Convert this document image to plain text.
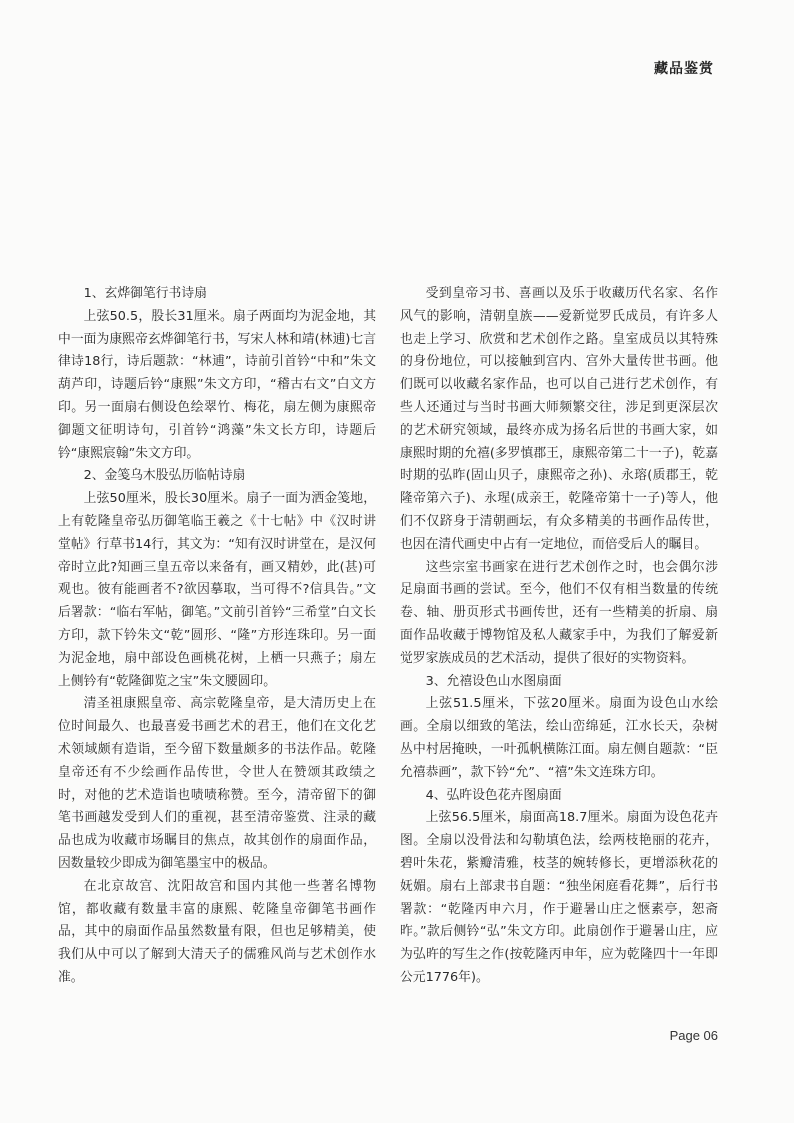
藏品鉴赏

1、玄烨御笔行书诗扇

上弦50.5，股长31厘米。扇子两面均为泥金地，其中一面为康熙帝玄烨御笔行书，写宋人林和靖(林逋)七言律诗18行，诗后题款：“林逋”，诗前引首钤“中和”朱文葫芦印，诗题后钤“康熙”朱文方印，“稽古右文”白文方印。另一面扇右侧设色绘翠竹、梅花，扇左侧为康熙帝御题文征明诗句，引首钤“鸿藻”朱文长方印，诗题后钤“康熙宸翰”朱文方印。

2、金笺乌木股弘历临帖诗扇

上弦50厘米，股长30厘米。扇子一面为洒金笺地，上有乾隆皇帝弘历御笔临王羲之《十七帖》中《汉时讲堂帖》行草书14行，其文为：“知有汉时讲堂在，是汉何帝时立此?知画三皇五帝以来备有，画又精妙，此(甚)可观也。彼有能画者不?欲因摹取，当可得不?信具告。”文后署款：“临右军帖，御笔。”文前引首钤“三希堂”白文长方印，款下钤朱文“乾”圆形、“隆”方形连珠印。另一面为泥金地，扇中部设色画桃花树，上栖一只燕子；扇左上侧钤有“乾隆御览之宝”朱文腰圆印。

清圣祖康熙皇帝、高宗乾隆皇帝，是大清历史上在位时间最久、也最喜爱书画艺术的君王，他们在文化艺术领域颇有造诣，至今留下数量颇多的书法作品。乾隆皇帝还有不少绘画作品传世，令世人在赞颂其政绩之时，对他的艺术造诣也啧啧称赞。至今，清帝留下的御笔书画越发受到人们的重视，甚至清帝鉴赏、注录的藏品也成为收藏市场瞩目的焦点，故其创作的扇面作品，因数量较少即成为御笔墨宝中的极品。

在北京故宫、沈阳故宫和国内其他一些著名博物馆，都收藏有数量丰富的康熙、乾隆皇帝御笔书画作品，其中的扇面作品虽然数量有限，但也足够精美，使我们从中可以了解到大清天子的儒雅风尚与艺术创作水准。

受到皇帝习书、喜画以及乐于收藏历代名家、名作风气的影响，清朝皇族——爱新觉罗氏成员，有许多人也走上学习、欣赏和艺术创作之路。皇室成员以其特殊的身份地位，可以接触到宫内、宫外大量传世书画。他们既可以收藏名家作品，也可以自己进行艺术创作，有些人还通过与当时书画大师频繁交往，涉足到更深层次的艺术研究领域，最终亦成为扬名后世的书画大家，如康熙时期的允禧(多罗慎郡王，康熙帝第二十一子)，乾嘉时期的弘昨(固山贝子，康熙帝之孙)、永瑢(质郡王，乾隆帝第六子)、永瑆(成亲王，乾隆帝第十一子)等人，他们不仅跻身于清朝画坛，有众多精美的书画作品传世，也因在清代画史中占有一定地位，而倍受后人的瞩目。

这些宗室书画家在进行艺术创作之时，也会偶尔涉足扇面书画的尝试。至今，他们不仅有相当数量的传统卷、轴、册页形式书画传世，还有一些精美的折扇、扇面作品收藏于博物馆及私人藏家手中，为我们了解爱新觉罗家族成员的艺术活动，提供了很好的实物资料。

3、允禧设色山水图扇面

上弦51.5厘米，下弦20厘米。扇面为设色山水绘画。全扇以细致的笔法，绘山峦绵延，江水长天，杂树丛中村居掩映，一叶孤帆横陈江面。扇左侧自题款：“臣允禧恭画”，款下钤“允”、“禧”朱文连珠方印。

4、弘旿设色花卉图扇面

上弦56.5厘米，扇面高18.7厘米。扇面为设色花卉图。全扇以没骨法和勾勒填色法，绘两枝艳丽的花卉，碧叶朱花，紫瓣清雅，枝茎的婉转修长，更增添秋花的妩媚。扇右上部隶书自题：“独坐闲庭看花舞”，后行书署款：“乾隆丙申六月，作于避暑山庄之惬素亭，恕斋昨。”款后侧钤“弘”朱文方印。此扇创作于避暑山庄，应为弘旿的写生之作(按乾隆丙申年，应为乾隆四十一年即公元1776年)。

Page 06
